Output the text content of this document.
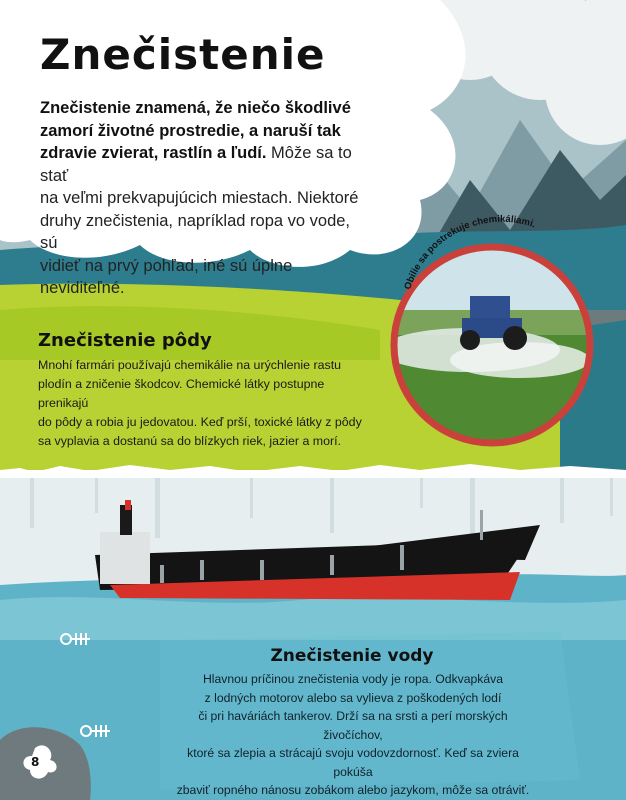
Obilie sa postrekuje chemikáliami.
Znečistenie
Znečistenie znamená, že niečo škodlivé
zamorí životné prostredie, a naruší tak
zdravie zvierat, rastlín a ľudí. Môže sa to stať
na veľmi prekvapujúcich miestach. Niektoré
druhy znečistenia, napríklad ropa vo vode, sú
vidieť na prvý pohľad, iné sú úplne neviditeľné.
Znečistenie pôdy
Mnohí farmári používajú chemikálie na urýchlenie rastu
plodín a zničenie škodcov. Chemické látky postupne prenikajú
do pôdy a robia ju jedovatou. Keď prší, toxické látky z pôdy
sa vyplavia a dostanú sa do blízkych riek, jazier a morí.
Znečistenie vody
Hlavnou príčinou znečistenia vody je ropa. Odkvapkáva
z lodných motorov alebo sa vylieva z poškodených lodí
či pri haváriách tankerov. Drží sa na srsti a perí morských živočíchov,
ktoré sa zlepia a strácajú svoju vodovzdornosť. Keď sa zviera pokúša
zbaviť ropného nánosu zobákom alebo jazykom, môže sa otráviť.
8
